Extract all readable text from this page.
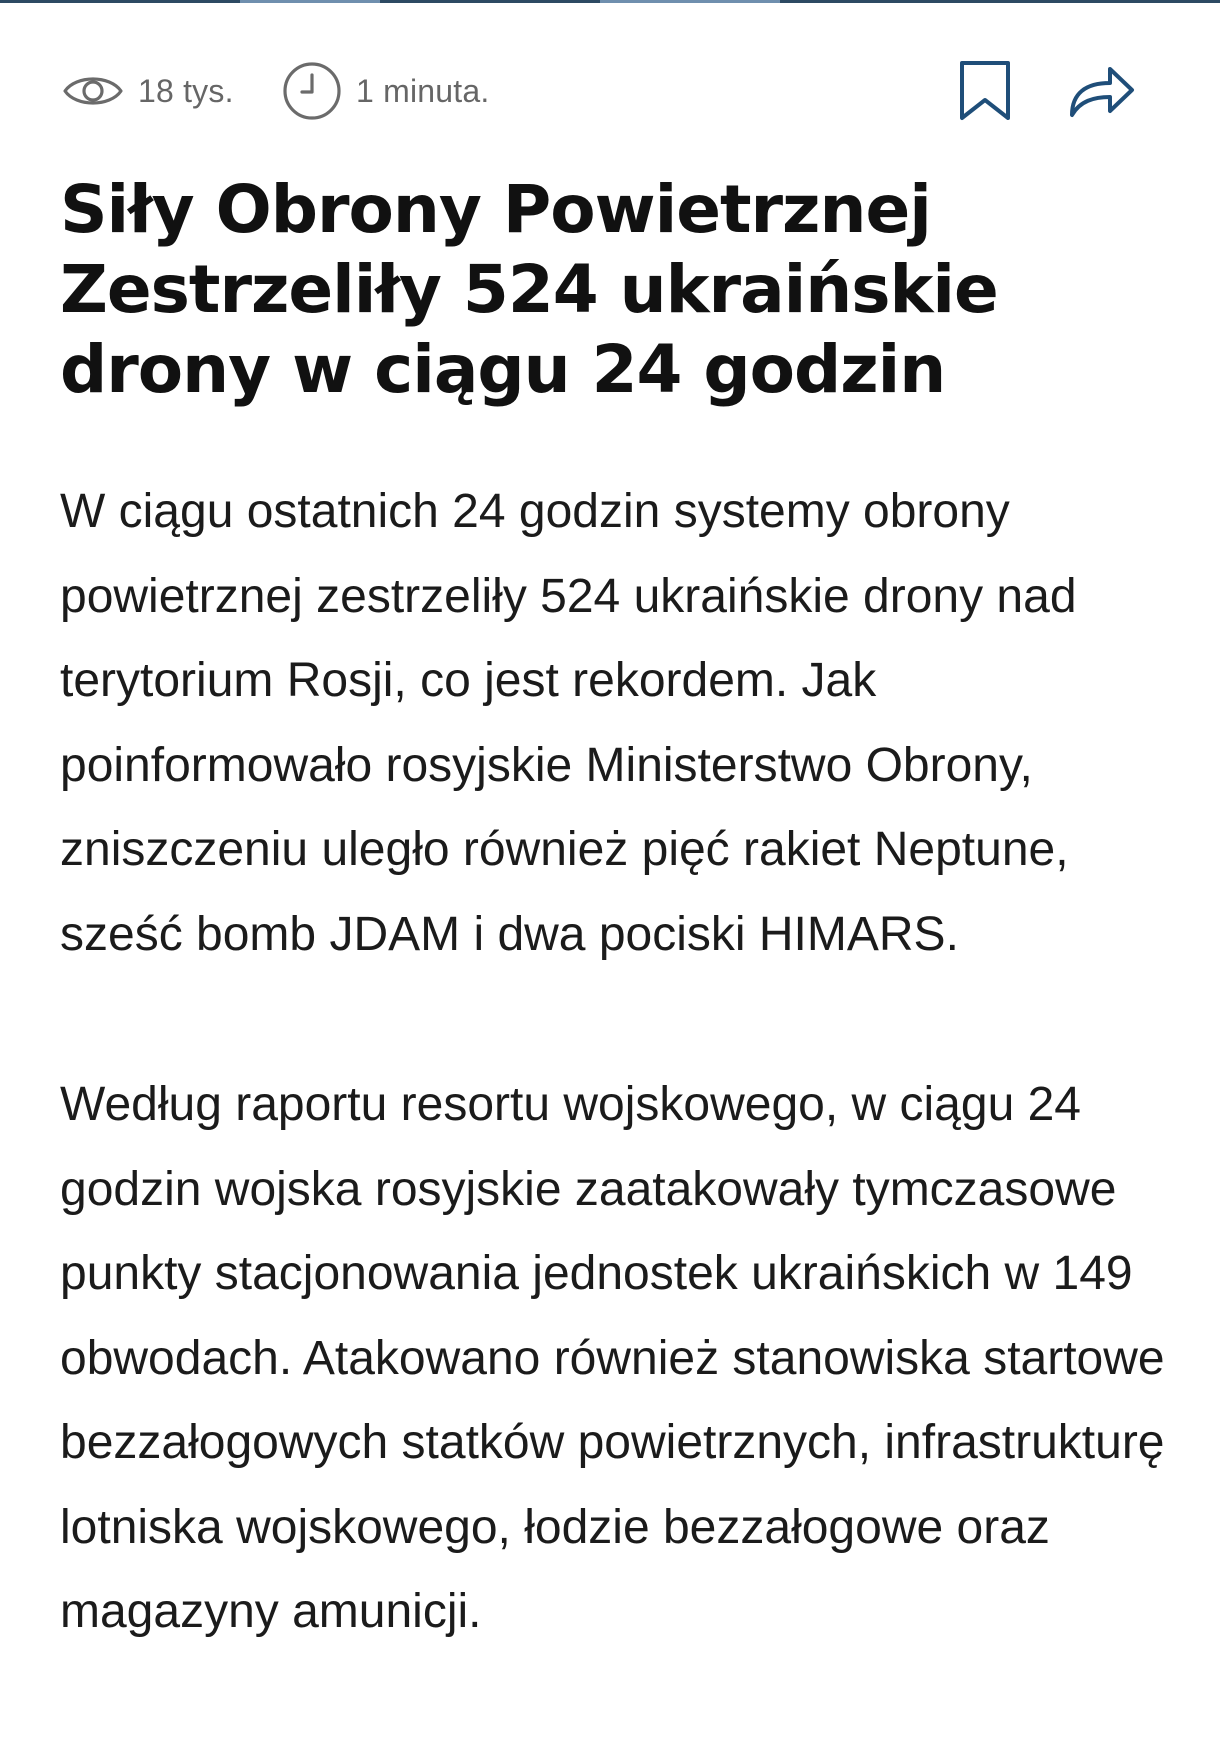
18 tys.	1 minuta.
Siły Obrony Powietrznej Zestrzeliły 524 ukraińskie drony w ciągu 24 godzin

W ciągu ostatnich 24 godzin systemy obrony powietrznej zestrzeliły 524 ukraińskie drony nad terytorium Rosji, co jest rekordem. Jak poinformowało rosyjskie Ministerstwo Obrony, zniszczeniu uległo również pięć rakiet Neptune, sześć bomb JDAM i dwa pociski HIMARS.

Według raportu resortu wojskowego, w ciągu 24 godzin wojska rosyjskie zaatakowały tymczasowe punkty stacjonowania jednostek ukraińskich w 149 obwodach. Atakowano również stanowiska startowe bezzałogowych statków powietrznych, infrastrukturę lotniska wojskowego, łodzie bezzałogowe oraz magazyny amunicji.
